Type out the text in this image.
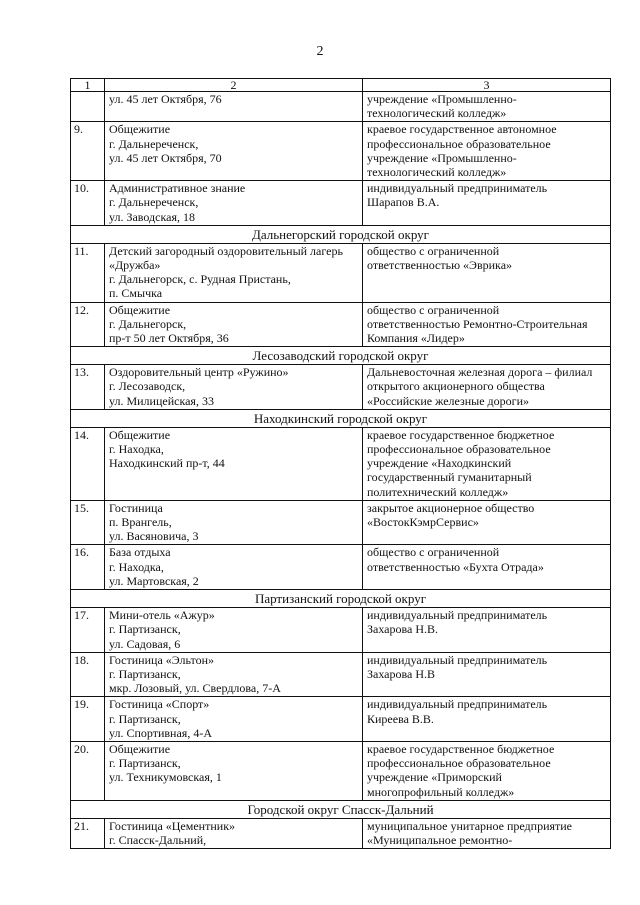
2
1	2	3

	ул. 45 лет Октября, 76	учреждение «Промышленно-
технологический колледж»

9.	Общежитие
г. Дальнереченск,
ул. 45 лет Октября, 70	краевое государственное автономное
профессиональное образовательное
учреждение «Промышленно-
технологический колледж»

10.	Административное знание
г. Дальнереченск,
ул. Заводская, 18	индивидуальный предприниматель
Шарапов В.А.

Дальнегорский городской округ		
11.	Детский загородный оздоровительный лагерь
«Дружба»
г. Дальнегорск, с. Рудная Пристань,
п. Смычка	общество с ограниченной
ответственностью «Эврика»

12.	Общежитие
г. Дальнегорск,
пр-т 50 лет Октября, 36	общество с ограниченной
ответственностью Ремонтно-Строительная
Компания «Лидер»

Лесозаводский городской округ		
13.	Оздоровительный центр «Ружино»
г. Лесозаводск,
ул. Милицейская, 33	Дальневосточная железная дорога – филиал
открытого акционерного общества
«Российские железные дороги»

Находкинский городской округ		
14.	Общежитие
г. Находка,
Находкинский пр-т, 44	краевое государственное бюджетное
профессиональное образовательное
учреждение «Находкинский
государственный гуманитарный
политехнический колледж»

15.	Гостиница
п. Врангель,
ул. Васяновича, 3	закрытое акционерное общество
«ВостокКэмрСервис»

16.	База отдыха
г. Находка,
ул. Мартовская, 2	общество с ограниченной
ответственностью «Бухта Отрада»

Партизанский городской округ		
17.	Мини-отель «Ажур»
г. Партизанск,
ул. Садовая, 6	индивидуальный предприниматель
Захарова Н.В.

18.	Гостиница «Эльтон»
г. Партизанск,
мкр. Лозовый, ул. Свердлова, 7-А	индивидуальный предприниматель
Захарова Н.В

19.	Гостиница «Спорт»
г. Партизанск,
ул. Спортивная, 4-А	индивидуальный предприниматель
Киреева В.В.

20.	Общежитие
г. Партизанск,
ул. Техникумовская, 1	краевое государственное бюджетное
профессиональное образовательное
учреждение «Приморский
многопрофильный колледж»

Городской округ Спасск-Дальний		
21.	Гостиница «Цементник»
г. Спасск-Дальний,	муниципальное унитарное предприятие
«Муниципальное ремонтно-
